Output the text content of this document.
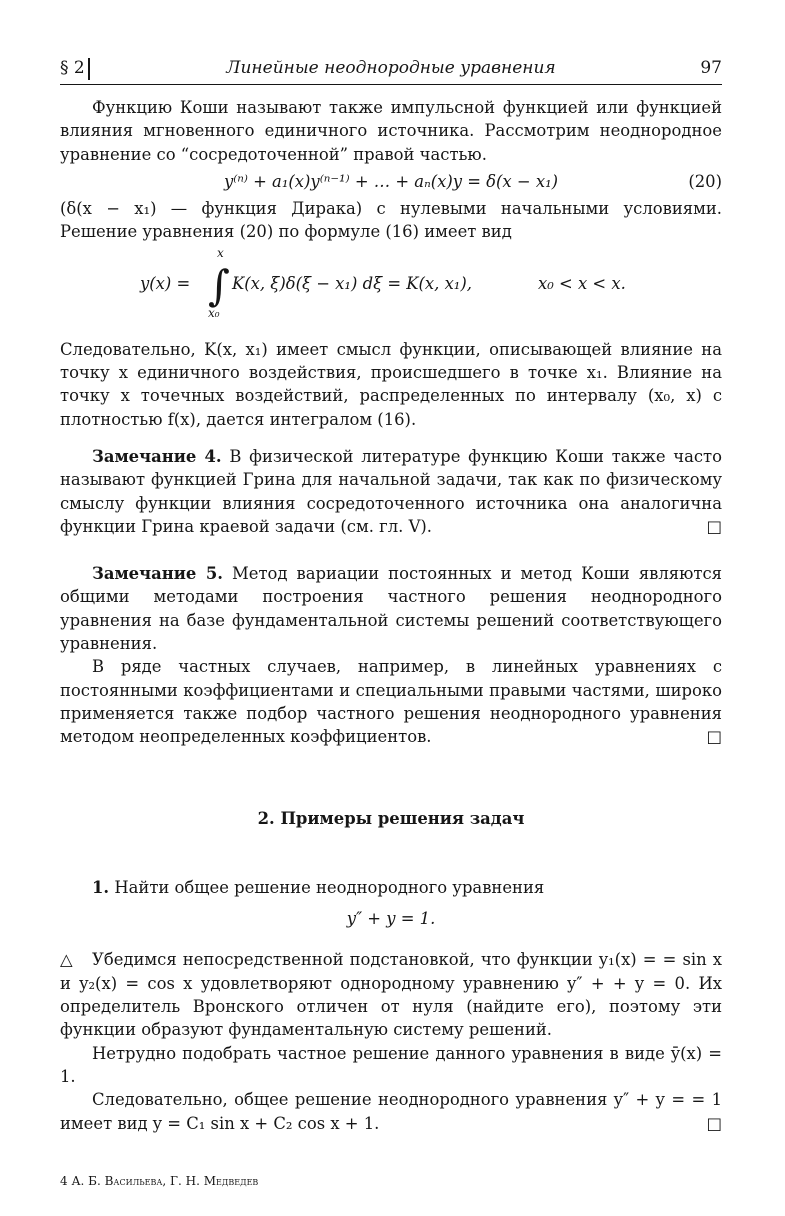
§ 2	Линейные неоднородные уравнения	97

Функцию Коши называют также импульсной функцией или функцией влияния мгновенного единичного источника. Рассмотрим неоднородное уравнение со “сосредоточенной” правой частью.

y⁽ⁿ⁾ + a₁(x)y⁽ⁿ⁻¹⁾ + … + aₙ(x)y = δ(x − x₁)	(20)

(δ(x − x₁) — функция Дирака) с нулевыми начальными условиями. Решение уравнения (20) по формуле (16) имеет вид

y(x) =
x
∫
x₀
K(x, ξ)δ(ξ − x₁) dξ = K(x, x₁),	x₀ < x < x.

Следовательно, K(x, x₁) имеет смысл функции, описывающей влияние на точку x единичного воздействия, происшедшего в точке x₁. Влияние на точку x точечных воздействий, распределенных по интервалу (x₀, x) с плотностью f(x), дается интегралом (16).

Замечание 4. В физической литературе функцию Коши также часто называют функцией Грина для начальной задачи, так как по физическому смыслу функции влияния сосредоточенного источника она аналогична функции Грина краевой задачи (см. гл. V).	□

Замечание 5. Метод вариации постоянных и метод Коши являются общими методами построения частного решения неоднородного уравнения на базе фундаментальной системы решений соответствующего уравнения.

В ряде частных случаев, например, в линейных уравнениях с постоянными коэффициентами и специальными правыми частями, широко применяется также подбор частного решения неоднородного уравнения методом неопределенных коэффициентов.	□

2. Примеры решения задач

1. Найти общее решение неоднородного уравнения

y″ + y = 1.

△ Убедимся непосредственной подстановкой, что функции y₁(x) = = sin x и y₂(x) = cos x удовлетворяют однородному уравнению y″ + + y = 0. Их определитель Вронского отличен от нуля (найдите его), поэтому эти функции образуют фундаментальную систему решений.

Нетрудно подобрать частное решение данного уравнения в виде ȳ(x) = 1.

Следовательно, общее решение неоднородного уравнения y″ + y = = 1 имеет вид y = C₁ sin x + C₂ cos x + 1.	□

4 А. Б. Васильева, Г. Н. Медведев
